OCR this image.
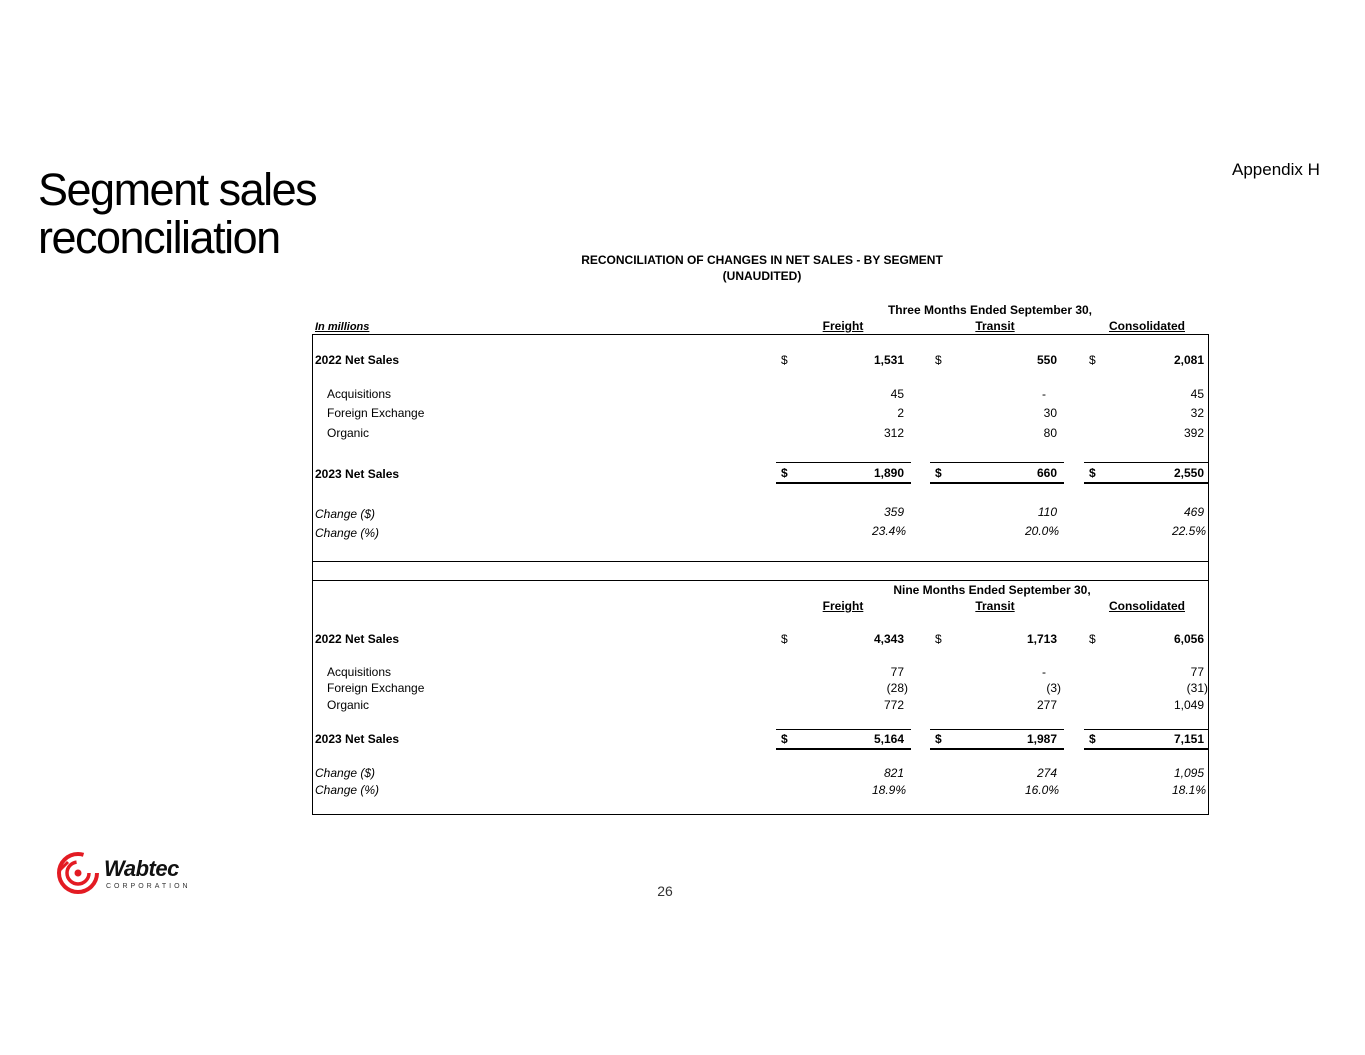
Segment sales
reconciliation
Appendix H
RECONCILIATION OF CHANGES IN NET SALES - BY SEGMENT
(UNAUDITED)
Three Months Ended September 30,
In millions	Freight	Transit	Consolidated
2022 Net Sales	$	1,531	$	550	$	2,081
Acquisitions	45	-	45
Foreign Exchange	2	30	32
Organic	312	80	392
2023 Net Sales	$	1,890	$	660	$	2,550
Change ($)	359	110	469
Change (%)	23.4%	20.0%	22.5%
Nine Months Ended September 30,
Freight	Transit	Consolidated
2022 Net Sales	$	4,343	$	1,713	$	6,056
Acquisitions	77	-	77
Foreign Exchange	(28)	(3)	(31)
Organic	772	277	1,049
2023 Net Sales	$	5,164	$	1,987	$	7,151
Change ($)	821	274	1,095
Change (%)	18.9%	16.0%	18.1%
Wabtec
CORPORATION	26
